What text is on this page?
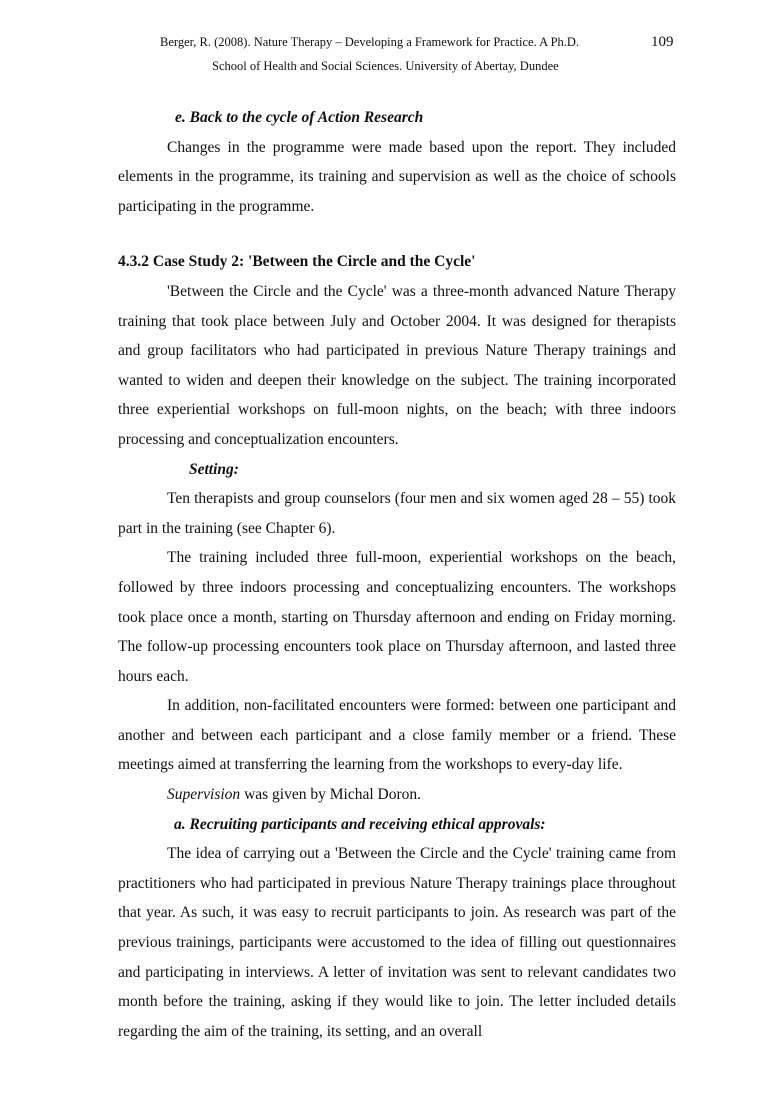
Berger, R. (2008). Nature Therapy – Developing a Framework for Practice. A Ph.D.	109
School of Health and Social Sciences. University of Abertay, Dundee

e. Back to the cycle of Action Research

Changes in the programme were made based upon the report. They included elements in the programme, its training and supervision as well as the choice of schools participating in the programme.

4.3.2 Case Study 2: 'Between the Circle and the Cycle'

'Between the Circle and the Cycle' was a three-month advanced Nature Therapy training that took place between July and October 2004. It was designed for therapists and group facilitators who had participated in previous Nature Therapy trainings and wanted to widen and deepen their knowledge on the subject. The training incorporated three experiential workshops on full-moon nights, on the beach; with three indoors processing and conceptualization encounters.

Setting:

Ten therapists and group counselors (four men and six women aged 28 – 55) took part in the training (see Chapter 6).

The training included three full-moon, experiential workshops on the beach, followed by three indoors processing and conceptualizing encounters. The workshops took place once a month, starting on Thursday afternoon and ending on Friday morning. The follow-up processing encounters took place on Thursday afternoon, and lasted three hours each.

In addition, non-facilitated encounters were formed: between one participant and another and between each participant and a close family member or a friend. These meetings aimed at transferring the learning from the workshops to every-day life.

Supervision was given by Michal Doron.

a. Recruiting participants and receiving ethical approvals:

The idea of carrying out a 'Between the Circle and the Cycle' training came from practitioners who had participated in previous Nature Therapy trainings place throughout that year. As such, it was easy to recruit participants to join. As research was part of the previous trainings, participants were accustomed to the idea of filling out questionnaires and participating in interviews. A letter of invitation was sent to relevant candidates two month before the training, asking if they would like to join. The letter included details regarding the aim of the training, its setting, and an overall
